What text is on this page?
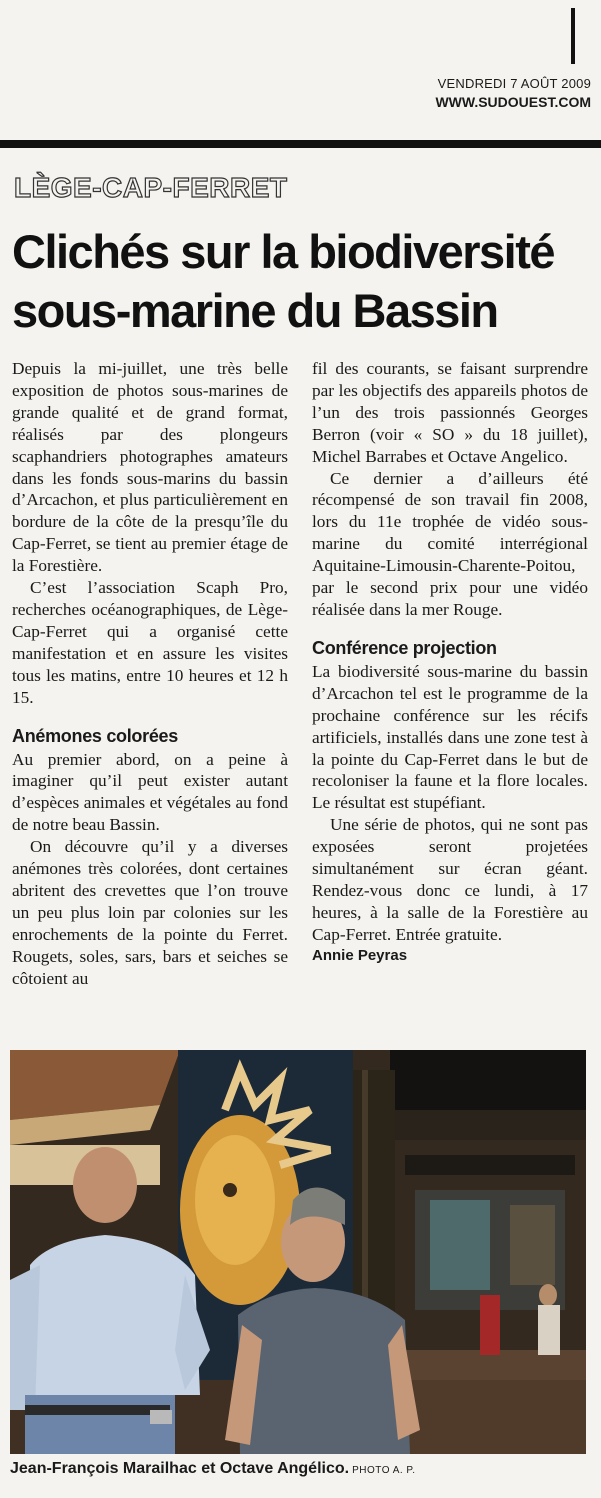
VENDREDI 7 AOÛT 2009
WWW.SUDOUEST.COM
LÈGE-CAP-FERRET
Clichés sur la biodiversité sous-marine du Bassin

Depuis la mi-juillet, une très belle exposition de photos sous-marines de grande qualité et de grand format, réalisés par des plongeurs scaphandriers photographes amateurs dans les fonds sous-marins du bassin d’Arcachon, et plus particulièrement en bordure de la côte de la presqu’île du Cap-Ferret, se tient au premier étage de la Forestière.

C’est l’association Scaph Pro, recherches océanographiques, de Lège-Cap-Ferret qui a organisé cette manifestation et en assure les visites tous les matins, entre 10 heures et 12 h 15.

Anémones colorées

Au premier abord, on a peine à imaginer qu’il peut exister autant d’espèces animales et végétales au fond de notre beau Bassin.

On découvre qu’il y a diverses anémones très colorées, dont certaines abritent des crevettes que l’on trouve un peu plus loin par colonies sur les enrochements de la pointe du Ferret. Rougets, soles, sars, bars et seiches se côtoient au

fil des courants, se faisant surprendre par les objectifs des appareils photos de l’un des trois passionnés Georges Berron (voir « SO » du 18 juillet), Michel Barrabes et Octave Angelico.

Ce dernier a d’ailleurs été récompensé de son travail fin 2008, lors du 11e trophée de vidéo sous-marine du comité interrégional Aquitaine-Limousin-Charente-Poitou, par le second prix pour une vidéo réalisée dans la mer Rouge.

Conférence projection

La biodiversité sous-marine du bassin d’Arcachon tel est le programme de la prochaine conférence sur les récifs artificiels, installés dans une zone test à la pointe du Cap-Ferret dans le but de recoloniser la faune et la flore locales. Le résultat est stupéfiant.

Une série de photos, qui ne sont pas exposées seront projetées simultanément sur écran géant. Rendez-vous donc ce lundi, à 17 heures, à la salle de la Forestière au Cap-Ferret. Entrée gratuite.

Annie Peyras
Jean-François Marailhac et Octave Angélico. PHOTO A. P.
